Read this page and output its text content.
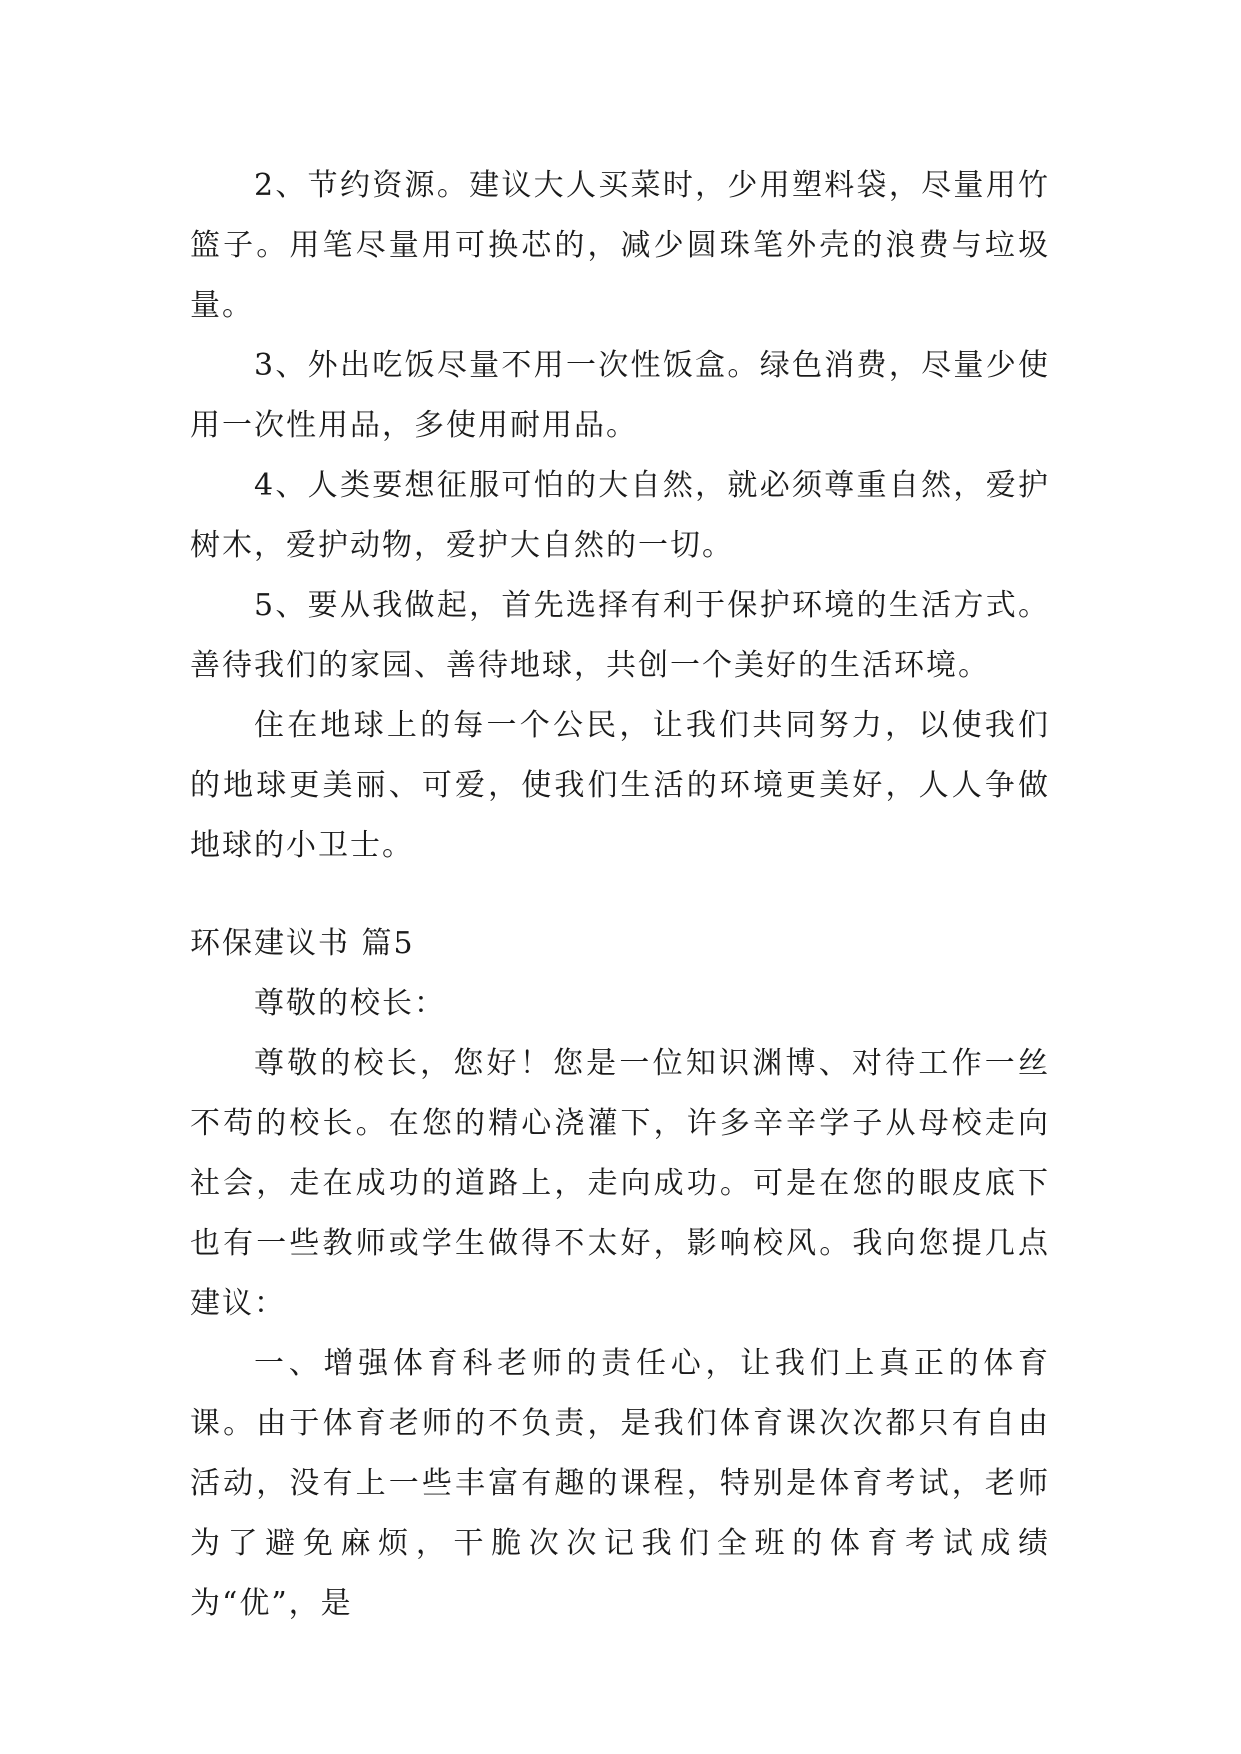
2、节约资源。建议大人买菜时，少用塑料袋，尽量用竹篮子。用笔尽量用可换芯的，减少圆珠笔外壳的浪费与垃圾量。

3、外出吃饭尽量不用一次性饭盒。绿色消费，尽量少使用一次性用品，多使用耐用品。

4、人类要想征服可怕的大自然，就必须尊重自然，爱护树木，爱护动物，爱护大自然的一切。

5、要从我做起，首先选择有利于保护环境的生活方式。善待我们的家园、善待地球，共创一个美好的生活环境。

住在地球上的每一个公民，让我们共同努力，以使我们的地球更美丽、可爱，使我们生活的环境更美好，人人争做地球的小卫士。

环保建议书 篇5

尊敬的校长：

尊敬的校长，您好！您是一位知识渊博、对待工作一丝不苟的校长。在您的精心浇灌下，许多辛辛学子从母校走向社会，走在成功的道路上，走向成功。可是在您的眼皮底下也有一些教师或学生做得不太好，影响校风。我向您提几点建议：

一、增强体育科老师的责任心，让我们上真正的体育课。由于体育老师的不负责，是我们体育课次次都只有自由活动，没有上一些丰富有趣的课程，特别是体育考试，老师为了避免麻烦，干脆次次记我们全班的体育考试成绩为“优”，是
